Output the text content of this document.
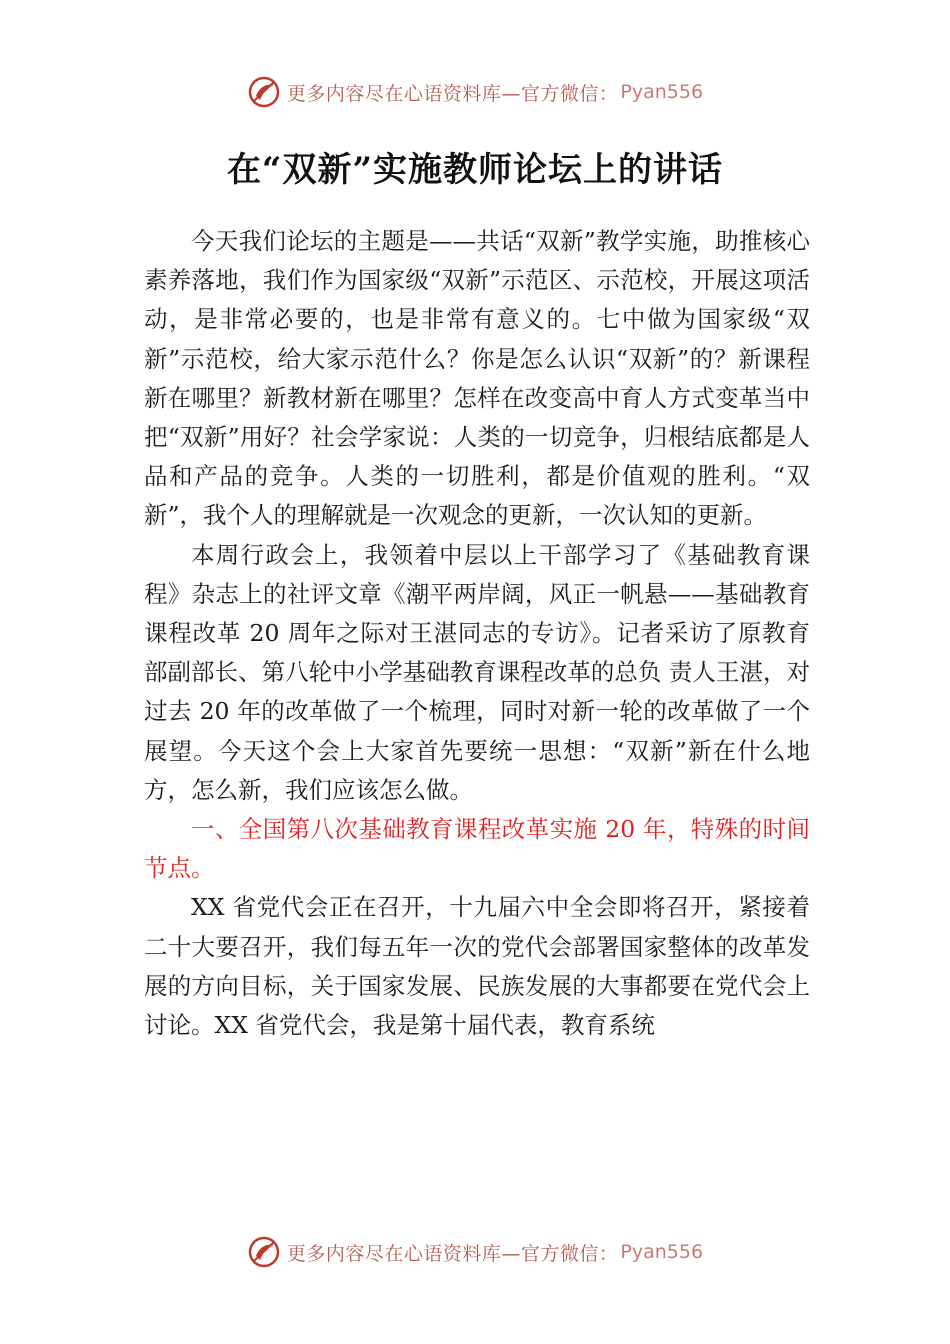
更多内容尽在心语资料库—官方微信： Pyan556
在“双新”实施教师论坛上的讲话

今天我们论坛的主题是——共话“双新”教学实施，助推核心素养落地，我们作为国家级“双新”示范区、示范校，开展这项活动，是非常必要的，也是非常有意义的。七中做为国家级“双新”示范校，给大家示范什么？你是怎么认识“双新”的？新课程新在哪里？新教材新在哪里？怎样在改变高中育人方式变革当中把“双新”用好？社会学家说：人类的一切竞争，归根结底都是人品和产品的竞争。人类的一切胜利，都是价值观的胜利。“双新”，我个人的理解就是一次观念的更新，一次认知的更新。

本周行政会上，我领着中层以上干部学习了《基础教育课程》杂志上的社评文章《潮平两岸阔，风正一帆悬——基础教育课程改革 20 周年之际对王湛同志的专访》。记者采访了原教育部副部长、第八轮中小学基础教育课程改革的总负 责人王湛，对过去 20 年的改革做了一个梳理，同时对新一轮的改革做了一个展望。今天这个会上大家首先要统一思想：“双新”新在什么地方，怎么新，我们应该怎么做。

一、全国第八次基础教育课程改革实施 20 年，特殊的时间节点。

XX 省党代会正在召开，十九届六中全会即将召开，紧接着二十大要召开，我们每五年一次的党代会部署国家整体的改革发展的方向目标，关于国家发展、民族发展的大事都要在党代会上讨论。XX 省党代会，我是第十届代表，教育系统

更多内容尽在心语资料库—官方微信： Pyan556
